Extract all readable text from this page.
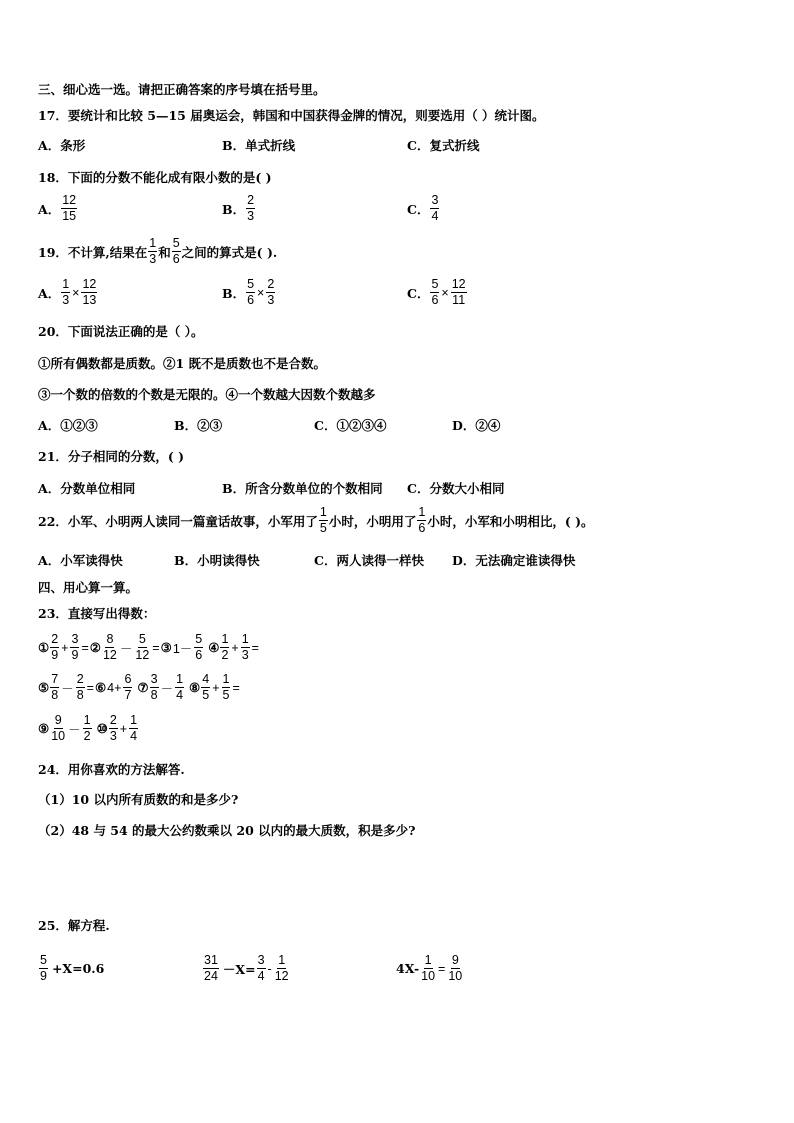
三、细心选一选。请把正确答案的序号填在括号里。
17．要统计和比较 5—15 届奥运会，韩国和中国获得金牌的情况，则要选用（ ）统计图。
A．条形	B．单式折线	C．复式折线
18．下面的分数不能化成有限小数的是( )
A． $\frac{12}{15}$	B． $\frac{2}{3}$	C． $\frac{3}{4}$
19．不计算,结果在 $\frac{1}{3}$ 和 $\frac{5}{6}$ 之间的算式是( ).
A． $\frac{1}{3} \times \frac{12}{13}$	B． $\frac{5}{6} \times \frac{2}{3}$	C． $\frac{5}{6} \times \frac{12}{11}$
20．下面说法正确的是（ ）。
①所有偶数都是质数。②1 既不是质数也不是合数。
③一个数的倍数的个数是无限的。④一个数越大因数个数越多
A．①②③	B．②③	C．①②③④	D．②④
21．分子相同的分数，( )
A．分数单位相同	B．所含分数单位的个数相同 C．分数大小相同
22．小军、小明两人读同一篇童话故事，小军用了 $\frac{1}{5}$ 小时，小明用了 $\frac{1}{6}$ 小时，小军和小明相比，( )。
A．小军读得快	B．小明读得快	C．两人读得一样快 D．无法确定谁读得快
四、用心算一算。
23．直接写出得数：
① $\frac{2}{9} + \frac{3}{9}$ = ② $\frac{8}{12} - \frac{5}{12}$ = ③ $1- \frac{5}{6}$ ④ $\frac{1}{2} + \frac{1}{3}$ =
⑤ $\frac{7}{8} - \frac{2}{8}$ = ⑥ $4+ \frac{6}{7}$ ⑦ $\frac{3}{8} - \frac{1}{4}$ ⑧ $\frac{4}{5} + \frac{1}{5}$ =
⑨ $\frac{9}{10} - \frac{1}{2}$ ⑩ $\frac{2}{3} + \frac{1}{4}$
24．用你喜欢的方法解答.
（1）10 以内所有质数的和是多少?
（2）48 与 54 的最大公约数乘以 20 以内的最大质数，积是多少?
25．解方程.
$\frac{5}{9} +X=0.6$	$\frac{31}{24} -X= \frac{3}{4} - \frac{1}{12}$	$4X- \frac{1}{10} = \frac{9}{10}$
